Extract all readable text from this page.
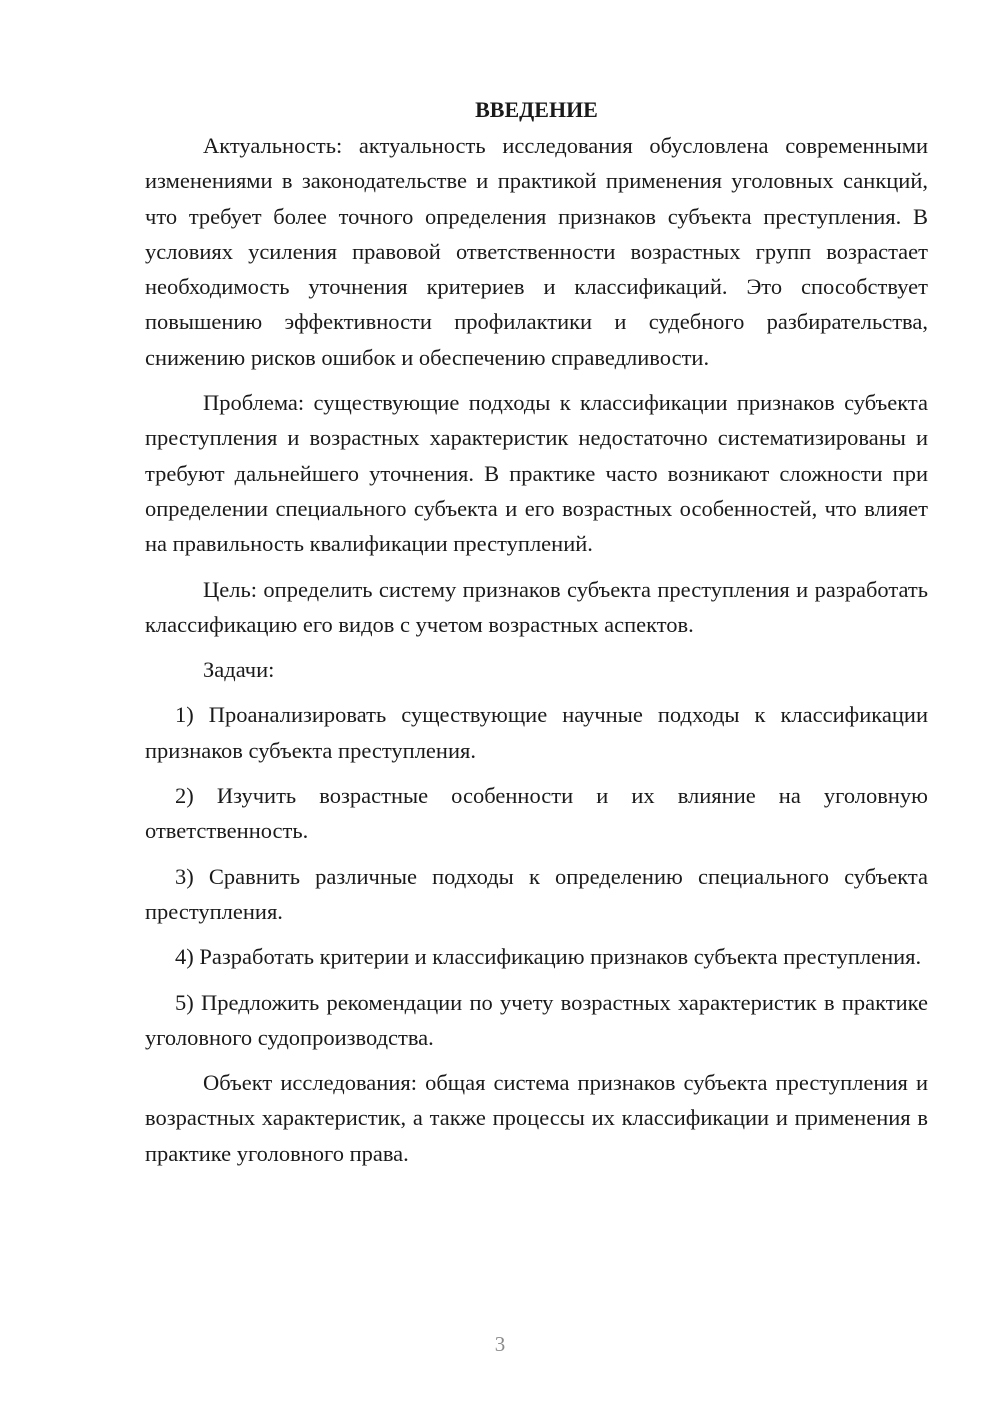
ВВЕДЕНИЕ

Актуальность: актуальность исследования обусловлена современными изменениями в законодательстве и практикой применения уголовных санкций, что требует более точного определения признаков субъекта преступления. В условиях усиления правовой ответственности возрастных групп возрастает необходимость уточнения критериев и классификаций. Это способствует повышению эффективности профилактики и судебного разбирательства, снижению рисков ошибок и обеспечению справедливости.

Проблема: существующие подходы к классификации признаков субъекта преступления и возрастных характеристик недостаточно систематизированы и требуют дальнейшего уточнения. В практике часто возникают сложности при определении специального субъекта и его возрастных особенностей, что влияет на правильность квалификации преступлений.

Цель: определить систему признаков субъекта преступления и разработать классификацию его видов с учетом возрастных аспектов.

Задачи:

1) Проанализировать существующие научные подходы к классификации признаков субъекта преступления.

2) Изучить возрастные особенности и их влияние на уголовную ответственность.

3) Сравнить различные подходы к определению специального субъекта преступления.

4) Разработать критерии и классификацию признаков субъекта преступления.

5) Предложить рекомендации по учету возрастных характеристик в практике уголовного судопроизводства.

Объект исследования: общая система признаков субъекта преступления и возрастных характеристик, а также процессы их классификации и применения в практике уголовного права.

3
